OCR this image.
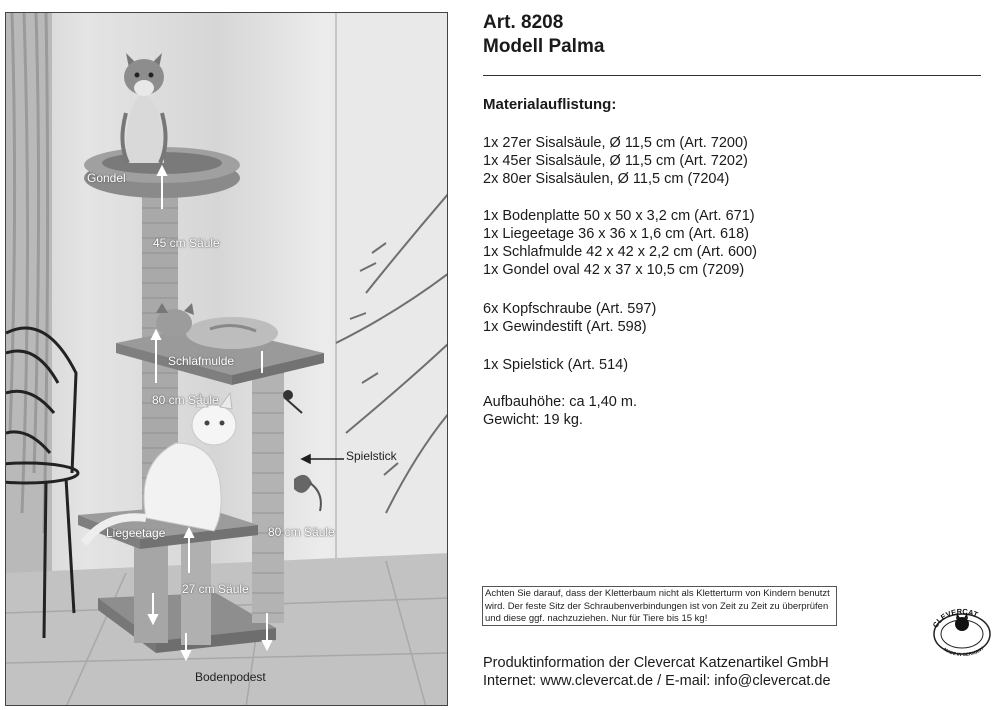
Gondel
45 cm Säule
Schlafmulde
80 cm Säule
Spielstick
Liegeetage	80 cm Säule
27 cm Säule
Bodenpodest
Art. 8208
Modell Palma
Materialauflistung:
1x 27er Sisalsäule, Ø 11,5 cm (Art. 7200)
1x 45er Sisalsäule, Ø 11,5 cm (Art. 7202)
2x 80er Sisalsäulen, Ø 11,5 cm (7204)
1x Bodenplatte 50 x 50 x 3,2 cm (Art. 671)
1x Liegeetage 36 x 36 x 1,6 cm (Art. 618)
1x Schlafmulde 42 x 42 x 2,2 cm (Art. 600)
1x Gondel oval 42 x 37 x 10,5 cm (7209)
6x Kopfschraube (Art. 597)
1x Gewindestift (Art. 598)
1x Spielstick (Art. 514)
Aufbauhöhe: ca 1,40 m.
Gewicht: 19 kg.
Achten Sie darauf, dass der Kletterbaum nicht als Kletterturm von Kindern benutzt wird. Der feste Sitz der Schraubenverbindungen ist von Zeit zu Zeit zu überprüfen und diese ggf. nachzuziehen. Nur für Tiere bis 15 kg!
Produktinformation der Clevercat Katzenartikel GmbH
Internet: www.clevercat.de / E-mail: info@clevercat.de
CLEVERCAT
MADE IN GERMANY
